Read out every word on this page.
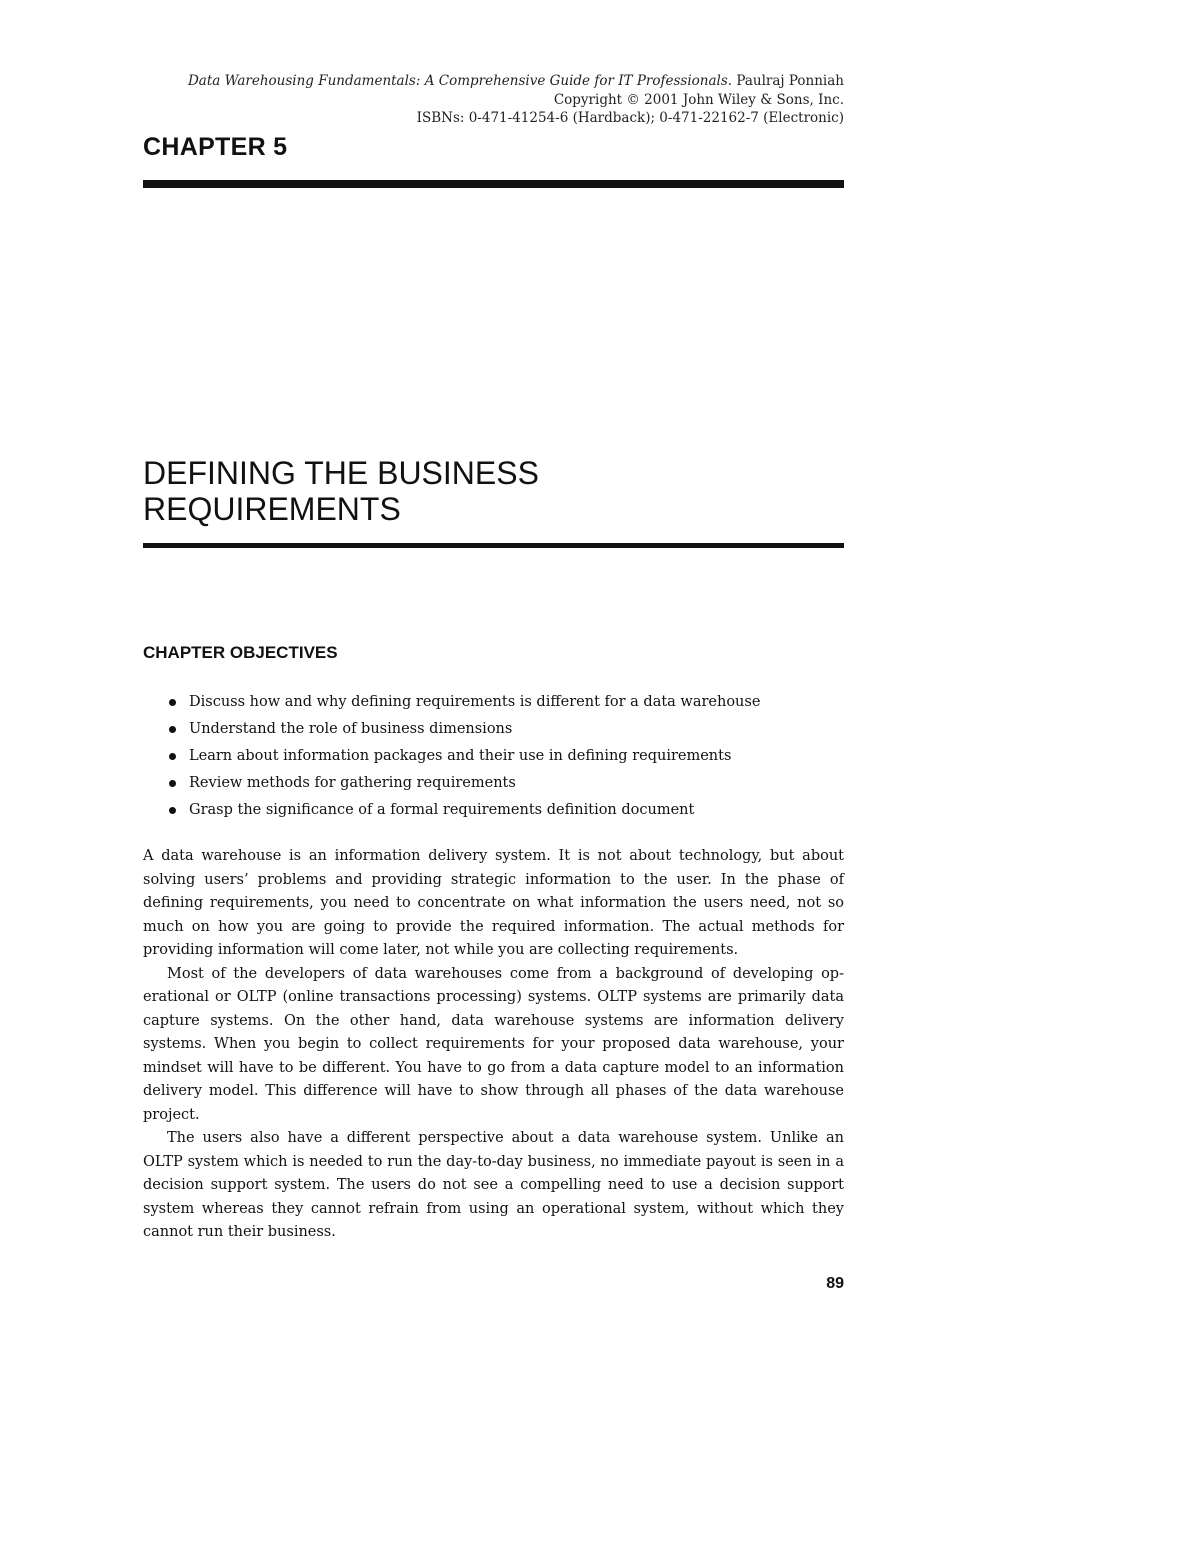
Data Warehousing Fundamentals: A Comprehensive Guide for IT Professionals. Paulraj Ponniah
Copyright © 2001 John Wiley & Sons, Inc.
ISBNs: 0-471-41254-6 (Hardback); 0-471-22162-7 (Electronic)
CHAPTER 5
DEFINING THE BUSINESS
REQUIREMENTS
CHAPTER OBJECTIVES
Discuss how and why defining requirements is different for a data warehouse
Understand the role of business dimensions
Learn about information packages and their use in defining requirements
Review methods for gathering requirements
Grasp the significance of a formal requirements definition document

A data warehouse is an information delivery system. It is not about technology, but about solving users’ problems and providing strategic information to the user. In the phase of defining requirements, you need to concentrate on what information the users need, not so much on how you are going to provide the required information. The actual methods for providing information will come later, not while you are collecting requirements.

Most of the developers of data warehouses come from a background of developing operational or OLTP (online transactions processing) systems. OLTP systems are primarily data capture systems. On the other hand, data warehouse systems are information delivery systems. When you begin to collect requirements for your proposed data warehouse, your mindset will have to be different. You have to go from a data capture model to an information delivery model. This difference will have to show through all phases of the data warehouse project.

The users also have a different perspective about a data warehouse system. Unlike an OLTP system which is needed to run the day-to-day business, no immediate payout is seen in a decision support system. The users do not see a compelling need to use a decision support system whereas they cannot refrain from using an operational system, without which they cannot run their business.

89
